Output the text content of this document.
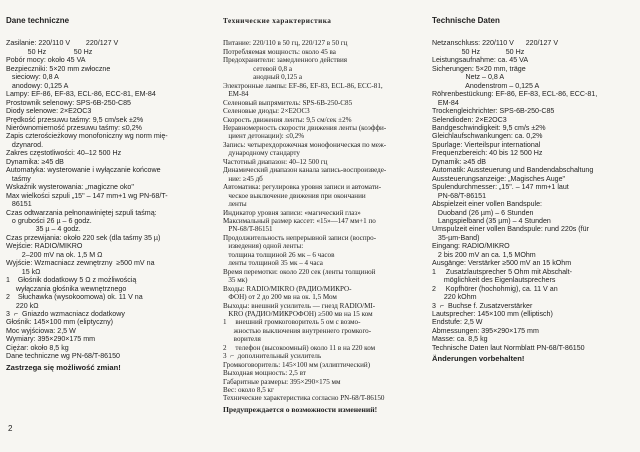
Dane techniczne
Zasilanie: 220/110 V        220/127 V
50 Hz              50 Hz
Pobór mocy: około 45 VA
Bezpieczniki: 5×20 mm zwłoczne
sieciowy: 0,8 A
anodowy: 0,125 A
Lampy: EF-86, EF-83, ECL-86, ECC-81, EM-84
Prostownik selenowy: SPS-6B-250-C85
Diody selenowe: 2×E2OC3
Prędkość przesuwu taśmy: 9,5 cm/sek ±2%
Nierównomierność przesuwu taśmy: ≤0,2%
Zapis czterościeżkowy monofoniczny wg norm mię-
dzynarod.
Zakres częstotliwości: 40–12 500 Hz
Dynamika: ≥45 dB
Automatyka: wysterowanie i wyłączanie końcowe
taśmy
Wskaźnik wysterowania: „magiczne oko"
Max wielkości szpuli „15" – 147 mm+1 wg PN-68/T-
86151
Czas odtwarzania pełnonawiniętej szpuli taśmą:
o grubości 26 µ – 6 godz.
35 µ – 4 godz.
Czas przewijania: około 220 sek (dla taśmy 35 µ)
Wejście: RADIO/MIKRO
2–200 mV na ok. 1,5 M Ω
Wyjście: Wzmacniacz zewnętrzny  ≥500 mV na
15 kΩ
1    Głośnik dodatkowy 5 Ω z możliwością
wyłączania głośnika wewnętrznego
2    Słuchawka (wysokoomowa) ok. 11 V na
220 kΩ
3  ⌐  Gniazdo wzmacniacz dodatkowy
Głośnik: 145×100 mm (eliptyczny)
Moc wyjściowa: 2,5 W
Wymiary: 395×290×175 mm
Ciężar: około 8,5 kg
Dane techniczne wg PN-68/T-86150
Zastrzega się możliwość zmian!
Технические характеристика
Питание: 220/110 в 50 гц, 220/127 в 50 гц
Потребляемая мощность: около 45 ва
Предохранители: замедленного действия
сетевой 0,8 а
анодный 0,125 а
Электронные лампы: EF-86, EF-83, ECL-86, ECC-81,
EM-84
Селеновый выпрямитель: SPS-6B-250-C85
Селеновые диоды: 2×E2OC3
Скорость движения ленты: 9,5 см/сек ±2%
Неравномерность скорости движения ленты (коэффи-
циент детонации): ≤0,2%
Запись: четырехдорожечная монофоническая по меж-
дународному стандарту
Частотный диапазон: 40–12 500 гц
Динамический диапазон канала запись-воспроизведе-
ние: ≥45 дб
Автоматика: регулировка уровня записи и автомати-
ческое выключение движения при окончании
ленты
Индикатор уровня записи: «магический глаз»
Максимальный размер кассет: «15»—147 мм+1 по
PN-68/T-86151
Продолжительность непрерывной записи (воспро-
изведения) одной ленты:
толщина толщиной 26 мк – 6 часов
ленты толщиной 35 мк – 4 часа
Время перемотки: около 220 сек (ленты толщиной
35 мк)
Входы: RADIO/MIKRO (РАДИО/МИКРО-
ФОН) от 2 до 200 мв на ок. 1,5 Мом
Выходы: внешний усилитель — гнезд RADIO/MI-
KRO (РАДИО/МИКРОФОН) ≥500 мв на 15 ком
1     внешний громкоговоритель 5 ом с возмо-
жностью выключения внутреннего громкого-
ворителя
2     телефон (высокоомный) около 11 в на 220 ком
3  ⌐  дополнительный усилитель
Громкоговоритель: 145×100 мм (эллиптический)
Выходная мощность: 2,5 вт
Габаритные размеры: 395×290×175 мм
Вес: около 8,5 кг
Технические характеристика согласно PN-68/T-86150
Предупреждается о возможности изменений!
Technische Daten
Netzanschluss: 220/110 V      220/127 V
50 Hz             50 Hz
Leistungsaufnahme: ca. 45 VA
Sicherungen: 5×20 mm, träge
Netz – 0,8 A
Anodenstrom – 0,125 A
Röhrenbestückung: EF-86, EF-83, ECL-86, ECC-81,
EM-84
Trockengleichrichter: SPS-6B-250-C85
Selendioden: 2×E2OC3
Bandgeschwindigkeit: 9,5 cm/s ±2%
Gleichlaufschwankungen: ca. 0,2%
Spurlage: Vierteilspur international
Frequenzbereich: 40 bis 12 500 Hz
Dynamik: ≥45 dB
Automatik: Aussteuerung und Bandendabschaltung
Aussteuerungsanzeige: „Magisches Auge"
Spulendurchmesser: „15". – 147 mm+1 laut
PN-68/T-86151
Abspielzeit einer vollen Bandspule:
Duoband (26 µm) – 6 Stunden
Langspielband (35 µm) – 4 Stunden
Umspulzeit einer vollen Bandspule: rund 220s (für
35-µm-Band)
Eingang: RADIO/MIKRO
2 bis 200 mV an ca. 1,5 MOhm
Ausgänge: Verstärker ≥500 mV an 15 kOhm
1     Zusatzlautsprecher 5 Ohm mit Abschalt-
möglichkeit des Eigenlautsprechers
2     Kopfhörer (hochohmig), ca. 11 V an
220 kOhm
3  ⌐  Buchse f. Zusatzverstärker
Lautsprecher: 145×100 mm (elliptisch)
Endstufe: 2,5 W
Abmessungen: 395×290×175 mm
Masse: ca. 8,5 kg
Technische Daten laut Normblatt PN-68/T-86150
Änderungen vorbehalten!
2
